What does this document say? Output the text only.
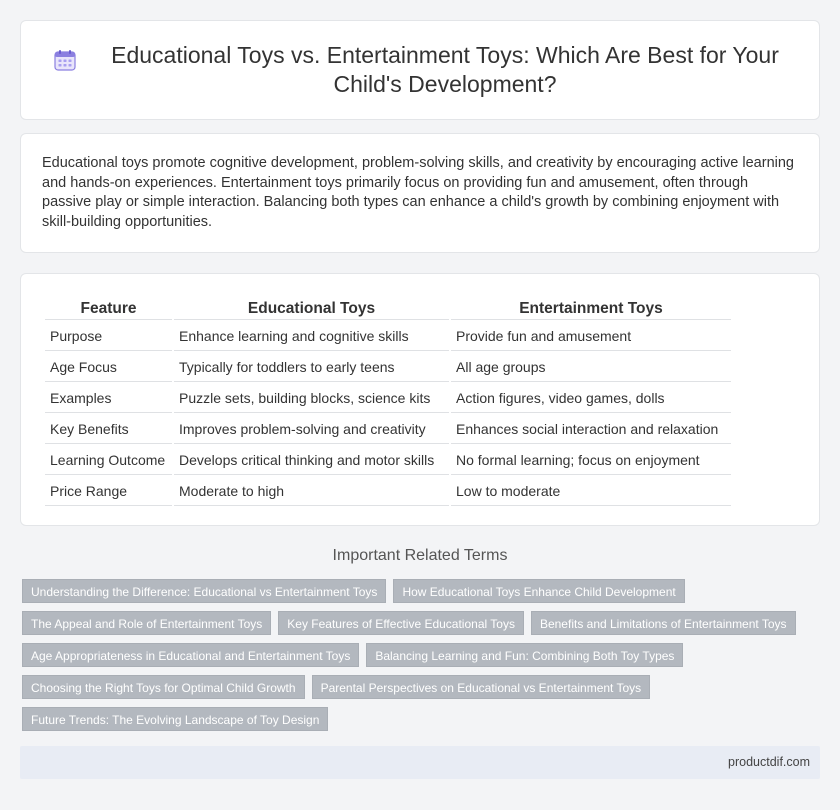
Educational Toys vs. Entertainment Toys: Which Are Best for Your Child's Development?

Educational toys promote cognitive development, problem-solving skills, and creativity by encouraging active learning and hands-on experiences. Entertainment toys primarily focus on providing fun and amusement, often through passive play or simple interaction. Balancing both types can enhance a child's growth by combining enjoyment with skill-building opportunities.

Feature	Educational Toys	Entertainment Toys
Purpose	Enhance learning and cognitive skills	Provide fun and amusement
Age Focus	Typically for toddlers to early teens	All age groups
Examples	Puzzle sets, building blocks, science kits	Action figures, video games, dolls
Key Benefits	Improves problem-solving and creativity	Enhances social interaction and relaxation
Learning Outcome	Develops critical thinking and motor skills	No formal learning; focus on enjoyment
Price Range	Moderate to high	Low to moderate
Important Related Terms
Understanding the Difference: Educational vs Entertainment Toys	How Educational Toys Enhance Child Development
The Appeal and Role of Entertainment Toys	Key Features of Effective Educational Toys	Benefits and Limitations of Entertainment Toys
Age Appropriateness in Educational and Entertainment Toys	Balancing Learning and Fun: Combining Both Toy Types
Choosing the Right Toys for Optimal Child Growth	Parental Perspectives on Educational vs Entertainment Toys
Future Trends: The Evolving Landscape of Toy Design
productdif.com
